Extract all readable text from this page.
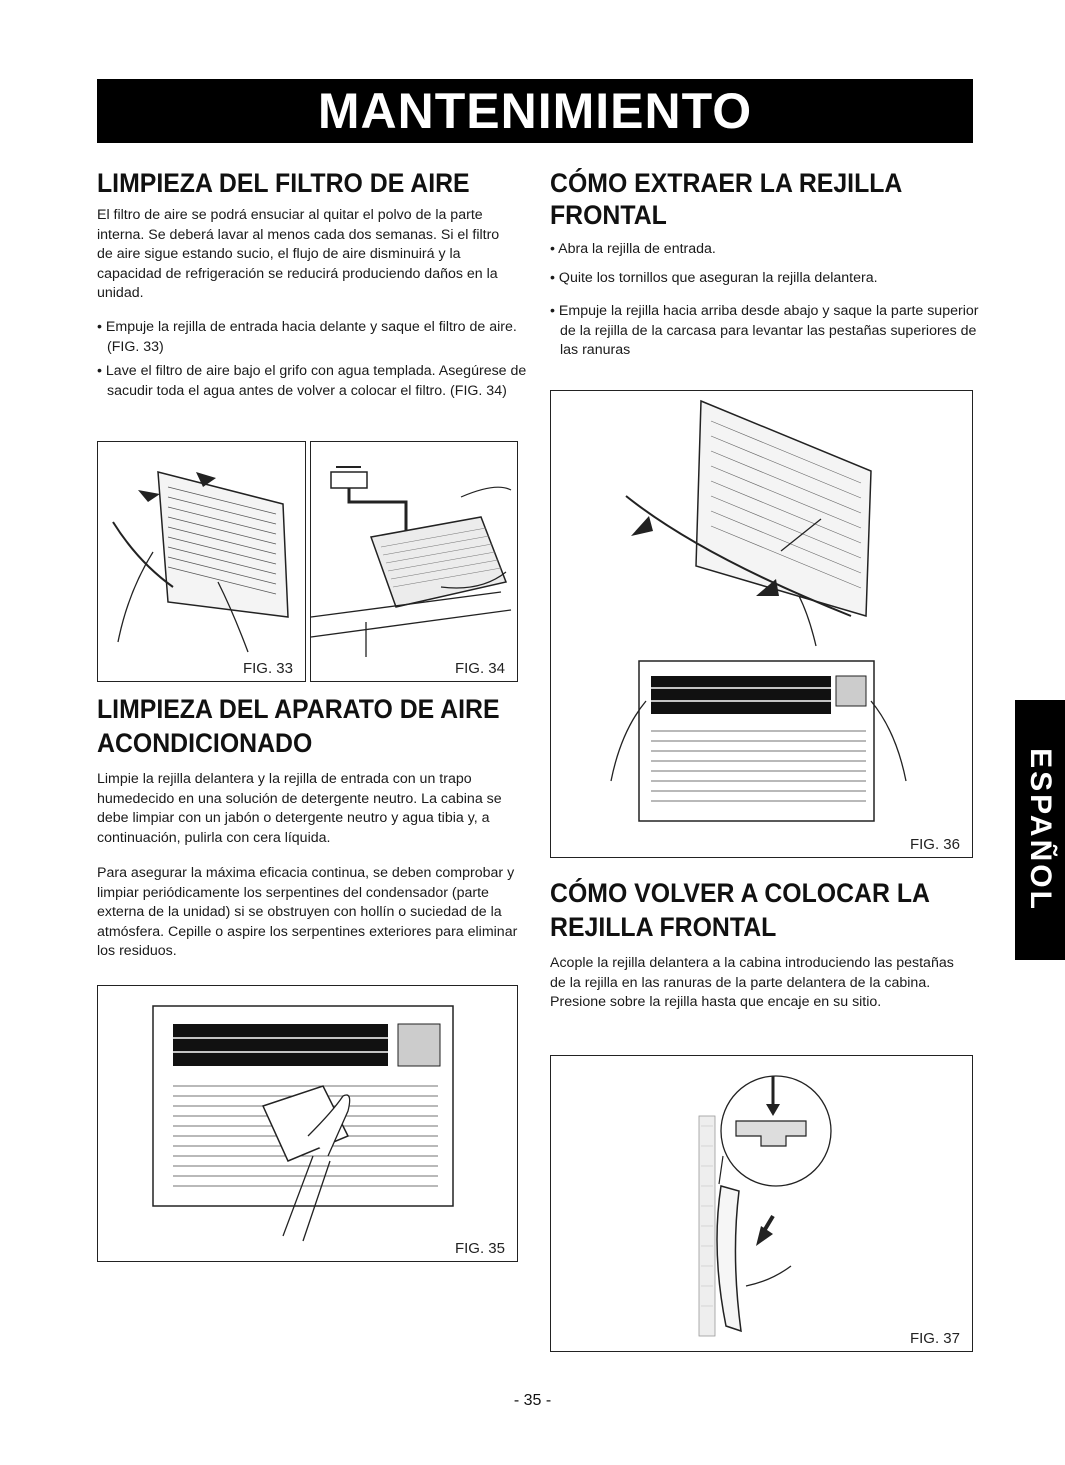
MANTENIMIENTO
LIMPIEZA DEL FILTRO DE AIRE

El filtro de aire se podrá ensuciar al quitar el polvo de la parte interna. Se deberá lavar al menos cada dos semanas. Si el filtro de aire sigue estando sucio, el flujo de aire disminuirá y la capacidad de refrigeración se reducirá produciendo daños en la unidad.

• Empuje la rejilla de entrada hacia delante y saque el filtro de aire. (FIG. 33)

• Lave el filtro de aire bajo el grifo con agua templada. Asegúrese de sacudir toda el agua antes de volver a colocar el filtro. (FIG. 34)

FIG. 33	FIG. 34
LIMPIEZA DEL APARATO DE AIRE
ACONDICIONADO

Limpie la rejilla delantera y la rejilla de entrada con un trapo humedecido en una solución de detergente neutro. La cabina se debe limpiar con un jabón o detergente neutro y agua tibia y, a continuación, pulirla con cera líquida.

Para asegurar la máxima eficacia continua, se deben comprobar y limpiar periódicamente los serpentines del condensador (parte externa de la unidad) si se obstruyen con hollín o suciedad de la atmósfera. Cepille o aspire los serpentines exteriores para eliminar los residuos.

FIG. 35
CÓMO EXTRAER LA REJILLA
FRONTAL

• Abra la rejilla de entrada.

• Quite los tornillos que aseguran la rejilla delantera.

• Empuje la rejilla hacia arriba desde abajo y saque la parte superior de la rejilla de la carcasa para levantar las pestañas superiores de las ranuras

FIG. 36
CÓMO VOLVER A COLOCAR LA
REJILLA FRONTAL

Acople la rejilla delantera a la cabina introduciendo las pestañas de la rejilla en las ranuras de la parte delantera de la cabina. Presione sobre la rejilla hasta que encaje en su sitio.

FIG. 37
ESPAÑOL
- 35 -
